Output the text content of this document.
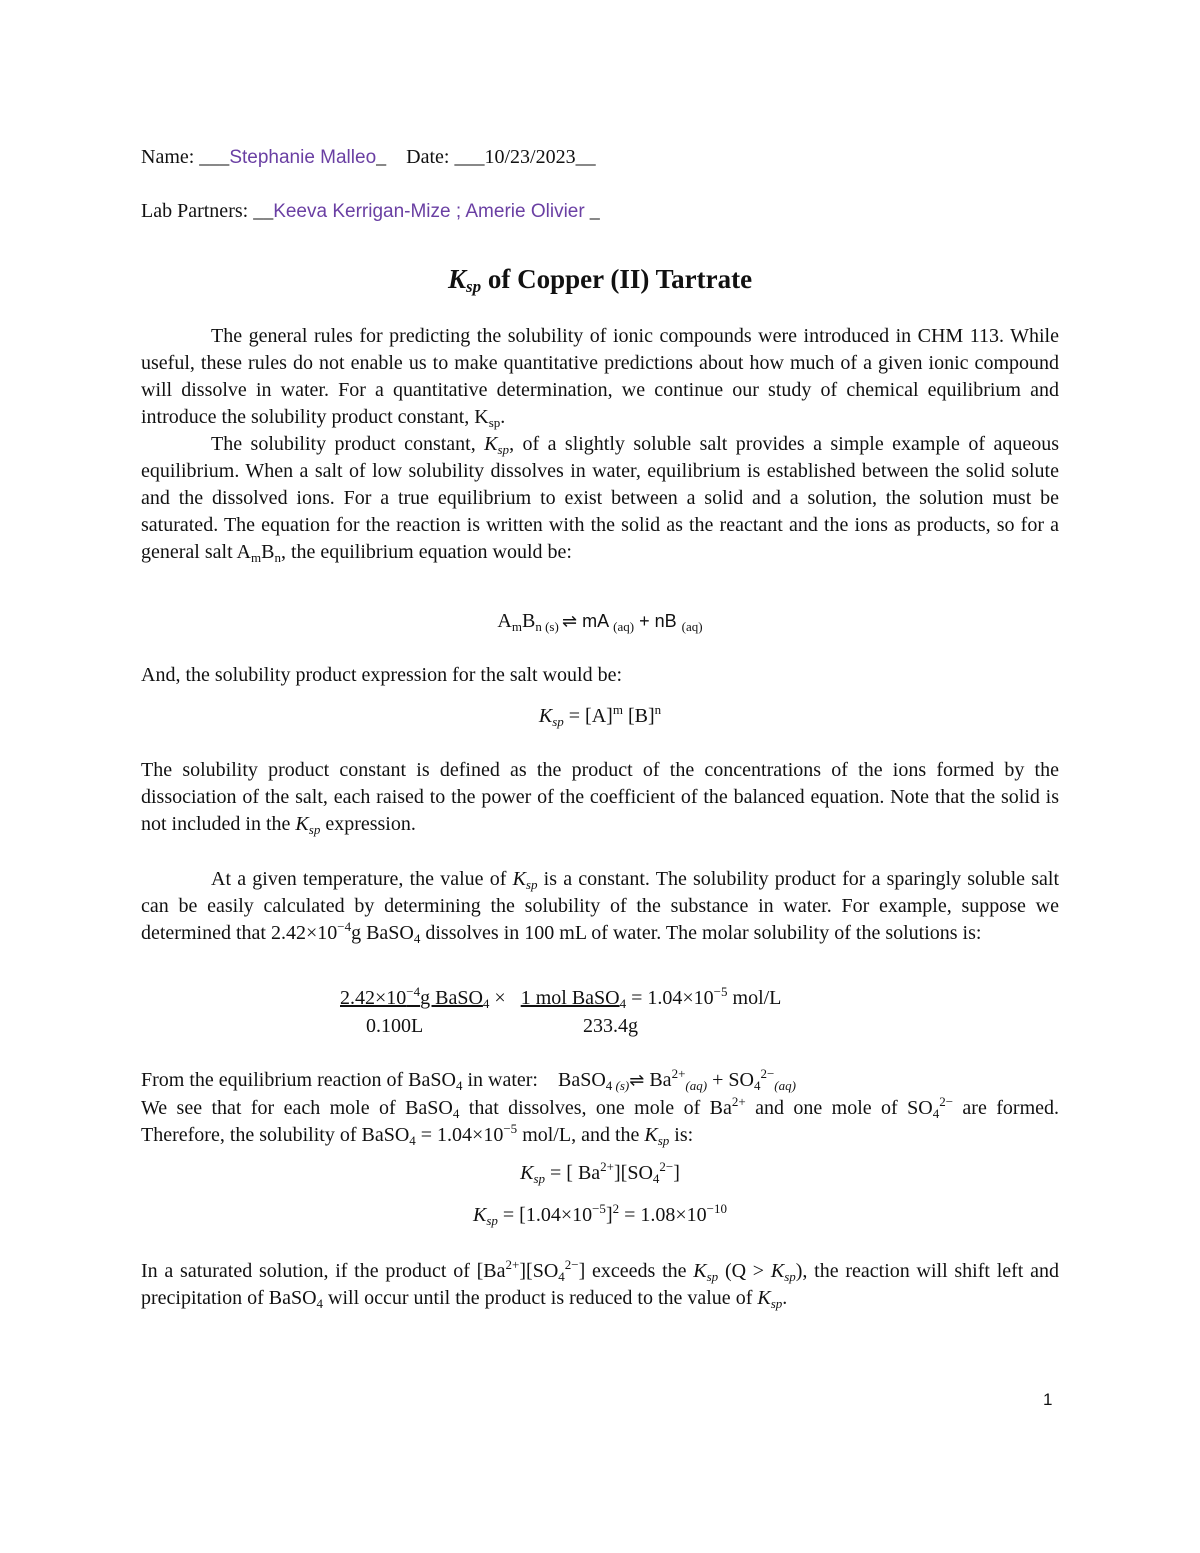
Name: ___Stephanie Malleo_ Date: ___10/23/2023__
Lab Partners: __Keeva Kerrigan-Mize ; Amerie Olivier _
$K_{sp}$ of Copper (II) Tartrate

The general rules for predicting the solubility of ionic compounds were introduced in CHM 113. While useful, these rules do not enable us to make quantitative predictions about how much of a given ionic compound will dissolve in water. For a quantitative determination, we continue our study of chemical equilibrium and introduce the solubility product constant, $K_{sp}$.

The solubility product constant, $K_{sp}$, of a slightly soluble salt provides a simple example of aqueous equilibrium. When a salt of low solubility dissolves in water, equilibrium is established between the solid solute and the dissolved ions. For a true equilibrium to exist between a solid and a solution, the solution must be saturated. The equation for the reaction is written with the solid as the reactant and the ions as products, so for a general salt $A_mB_n$, the equilibrium equation would be:

$A_mB_n$ $_{(s)}$ ⇌ mA $_{(aq)}$ + nB $_{(aq)}$

And, the solubility product expression for the salt would be:

$K_{sp} = [A]^m$ $[B]^n$

The solubility product constant is defined as the product of the concentrations of the ions formed by the dissociation of the salt, each raised to the power of the coefficient of the balanced equation. Note that the solid is not included in the $K_{sp}$ expression.

At a given temperature, the value of $K_{sp}$ is a constant. The solubility product for a sparingly soluble salt can be easily calculated by determining the solubility of the substance in water. For example, suppose we determined that $2.42\times 10^{-4}g$ BaSO$_4$ dissolves in 100 mL of water. The molar solubility of the solutions is:

$2.42\times 10^{-4}g$ BaSO$_4$ × 1 mol BaSO$_4$ = $1.04\times 10^{-5}$ mol/L
0.100L	233.4g
From the equilibrium reaction of BaSO$_4$ in water: BaSO$_4$ $_{(s)}$⇌ $Ba^{2+}_{(aq)} + SO_4^{2-}_{(aq)}$

We see that for each mole of BaSO$_4$ that dissolves, one mole of $Ba^{2+}$ and one mole of $SO_4^{2-}$ are formed. Therefore, the solubility of BaSO$_4$ = $1.04\times 10^{-5}$ mol/L, and the $K_{sp}$ is:

$K_{sp}$ = [ $Ba^{2+}][SO_4^{2-}]$
$K_{sp} = [1.04\times 10^{-5}]^2 = 1.08\times 10^{-10}$

In a saturated solution, if the product of $[Ba^{2+}][SO_4^{2-}]$ exceeds the $K_{sp}$ $(Q > K_{sp})$, the reaction will shift left and precipitation of BaSO$_4$ will occur until the product is reduced to the value of $K_{sp}$.

1
